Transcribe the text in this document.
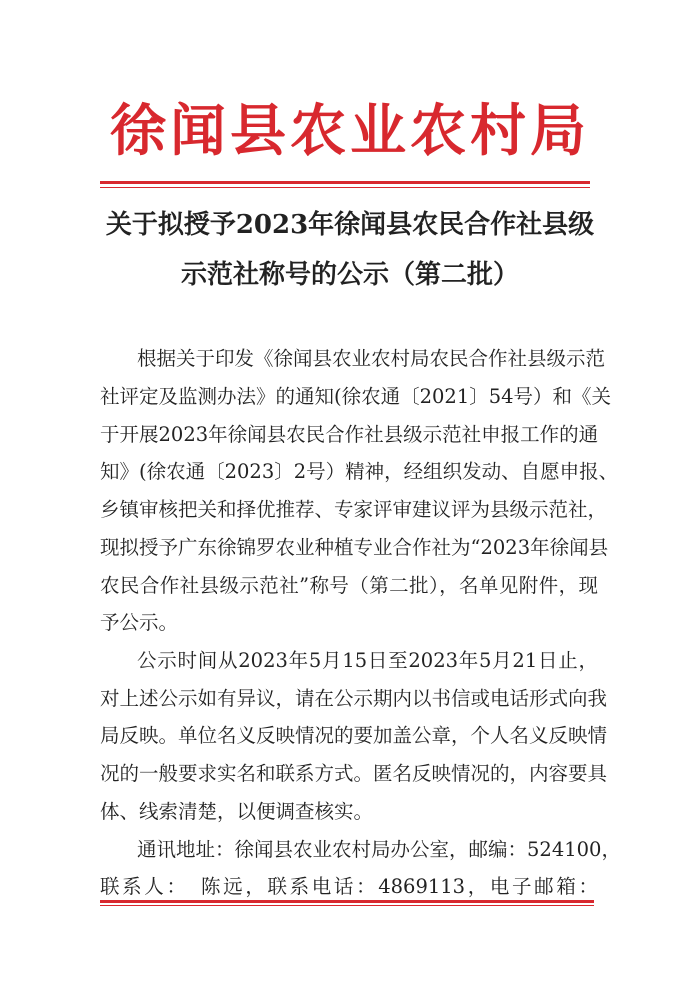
徐闻县农业农村局
关于拟授予2023年徐闻县农民合作社县级
示范社称号的公示（第二批）
根据关于印发《徐闻县农业农村局农民合作社县级示范
社评定及监测办法》的通知(徐农通〔2021〕54号）和《关
于开展2023年徐闻县农民合作社县级示范社申报工作的通
知》(徐农通〔2023〕2号）精神，经组织发动、自愿申报、
乡镇审核把关和择优推荐、专家评审建议评为县级示范社，
现拟授予广东徐锦罗农业种植专业合作社为“2023年徐闻县
农民合作社县级示范社”称号（第二批），名单见附件，现
予公示。
公示时间从2023年5月15日至2023年5月21日止，
对上述公示如有异议，请在公示期内以书信或电话形式向我
局反映。单位名义反映情况的要加盖公章，个人名义反映情
况的一般要求实名和联系方式。匿名反映情况的，内容要具
体、线索清楚，以便调查核实。
通讯地址：徐闻县农业农村局办公室，邮编：524100，
联系人：　陈远，联系电话：4869113，电子邮箱：
